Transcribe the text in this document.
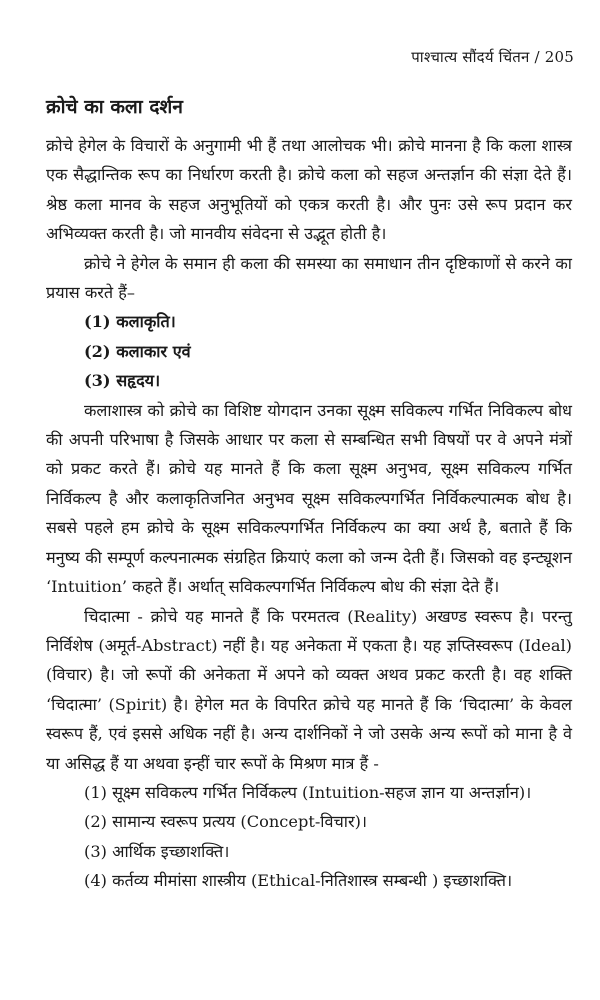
पाश्चात्य सौंदर्य चिंतन / 205
क्रोचे का कला दर्शन

क्रोचे हेगेल के विचारों के अनुगामी भी हैं तथा आलोचक भी। क्रोचे मानना है कि कला शास्त्र एक सैद्धान्तिक रूप का निर्धारण करती है। क्रोचे कला को सहज अन्तर्ज्ञान की संज्ञा देते हैं। श्रेष्ठ कला मानव के सहज अनुभूतियों को एकत्र करती है। और पुनः उसे रूप प्रदान कर अभिव्यक्त करती है। जो मानवीय संवेदना से उद्भूत होती है।

क्रोचे ने हेगेल के समान ही कला की समस्या का समाधान तीन दृष्टिकाणों से करने का प्रयास करते हैं–

(1) कलाकृति।
(2) कलाकार एवं
(3) सहृदय।

कलाशास्त्र को क्रोचे का विशिष्ट योगदान उनका सूक्ष्म सविकल्प गर्भित निविकल्प बोध की अपनी परिभाषा है जिसके आधार पर कला से सम्बन्धित सभी विषयों पर वे अपने मंत्रों को प्रकट करते हैं। क्रोचे यह मानते हैं कि कला सूक्ष्म अनुभव, सूक्ष्म सविकल्प गर्भित निर्विकल्प है और कलाकृतिजनित अनुभव सूक्ष्म सविकल्पगर्भित निर्विकल्पात्मक बोध है। सबसे पहले हम क्रोचे के सूक्ष्म सविकल्पगर्भित निर्विकल्प का क्या अर्थ है, बताते हैं कि मनुष्य की सम्पूर्ण कल्पनात्मक संग्रहित क्रियाएं कला को जन्म देती हैं। जिसको वह इन्ट्यूशन ‘Intuition’ कहते हैं। अर्थात् सविकल्पगर्भित निर्विकल्प बोध की संज्ञा देते हैं।

चिदात्मा - क्रोचे यह मानते हैं कि परमतत्व (Reality) अखण्ड स्वरूप है। परन्तु निर्विशेष (अमूर्त-Abstract) नहीं है। यह अनेकता में एकता है। यह ज्ञप्तिस्वरूप (Ideal) (विचार) है। जो रूपों की अनेकता में अपने को व्यक्त अथव प्रकट करती है। वह शक्ति ‘चिदात्मा’ (Spirit) है। हेगेल मत के विपरित क्रोचे यह मानते हैं कि ‘चिदात्मा’ के केवल स्वरूप हैं, एवं इससे अधिक नहीं है। अन्य दार्शनिकों ने जो उसके अन्य रूपों को माना है वे या असिद्ध हैं या अथवा इन्हीं चार रूपों के मिश्रण मात्र हैं -

(1) सूक्ष्म सविकल्प गर्भित निर्विकल्प (Intuition-सहज ज्ञान या अन्तर्ज्ञान)।
(2) सामान्य स्वरूप प्रत्यय (Concept-विचार)।
(3) आर्थिक इच्छाशक्ति।
(4) कर्तव्य मीमांसा शास्त्रीय (Ethical-नितिशास्त्र सम्बन्धी ) इच्छाशक्ति।
